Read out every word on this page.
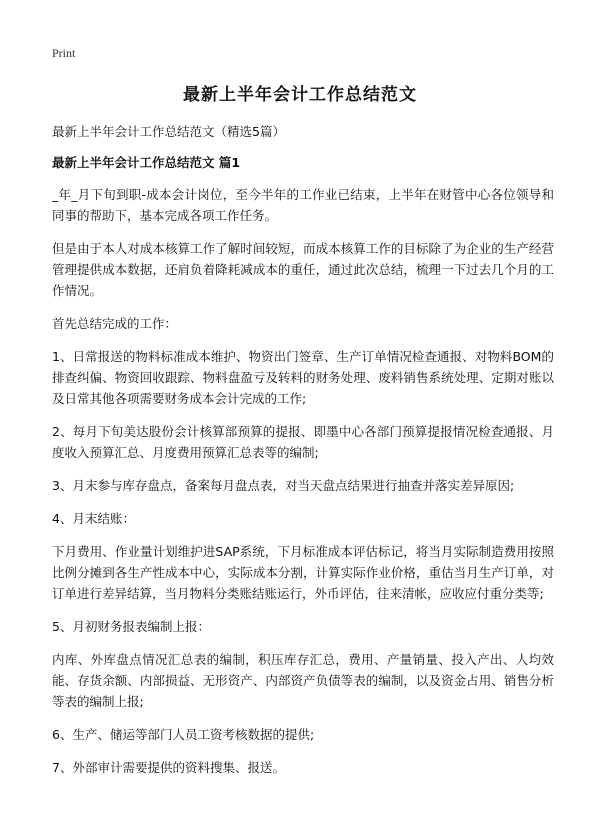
Print
最新上半年会计工作总结范文

最新上半年会计工作总结范文（精选5篇）

最新上半年会计工作总结范文 篇1

_年_月下旬到职-成本会计岗位，至今半年的工作业已结束，上半年在财管中心各位领导和同事的帮助下，基本完成各项工作任务。

但是由于本人对成本核算工作了解时间较短，而成本核算工作的目标除了为企业的生产经营管理提供成本数据，还肩负着降耗减成本的重任，通过此次总结，梳理一下过去几个月的工作情况。

首先总结完成的工作：

1、日常报送的物料标准成本维护、物资出门签章、生产订单情况检查通报、对物料BOM的排查纠偏、物资回收跟踪、物料盘盈亏及转料的财务处理、废料销售系统处理、定期对账以及日常其他各项需要财务成本会计完成的工作;

2、每月下旬美达股份会计核算部预算的提报、即墨中心各部门预算提报情况检查通报、月度收入预算汇总、月度费用预算汇总表等的编制;

3、月末参与库存盘点，备案每月盘点表，对当天盘点结果进行抽查并落实差异原因;

4、月末结账：

下月费用、作业量计划维护进SAP系统，下月标准成本评估标记，将当月实际制造费用按照比例分摊到各生产性成本中心，实际成本分割，计算实际作业价格，重估当月生产订单，对订单进行差异结算，当月物料分类账结账运行，外币评估，往来清帐，应收应付重分类等;

5、月初财务报表编制上报：

内库、外库盘点情况汇总表的编制，积压库存汇总，费用、产量销量、投入产出、人均效能、存货余额、内部损益、无形资产、内部资产负债等表的编制，以及资金占用、销售分析等表的编制上报;

6、生产、储运等部门人员工资考核数据的提供;

7、外部审计需要提供的资料搜集、报送。
